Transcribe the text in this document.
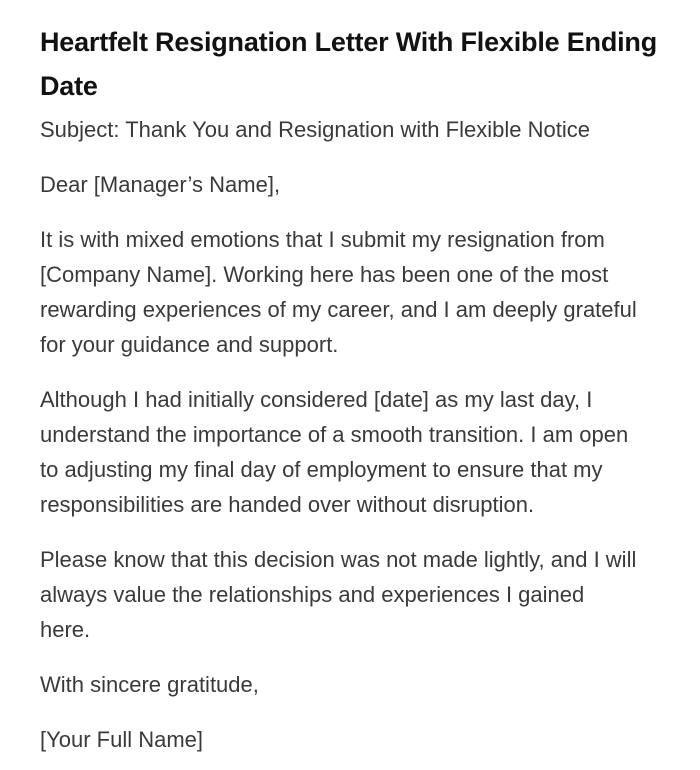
Heartfelt Resignation Letter With Flexible Ending Date

Subject: Thank You and Resignation with Flexible Notice

Dear [Manager’s Name],

It is with mixed emotions that I submit my resignation from [Company Name]. Working here has been one of the most rewarding experiences of my career, and I am deeply grateful for your guidance and support.

Although I had initially considered [date] as my last day, I understand the importance of a smooth transition. I am open to adjusting my final day of employment to ensure that my responsibilities are handed over without disruption.

Please know that this decision was not made lightly, and I will always value the relationships and experiences I gained here.

With sincere gratitude,

[Your Full Name]
